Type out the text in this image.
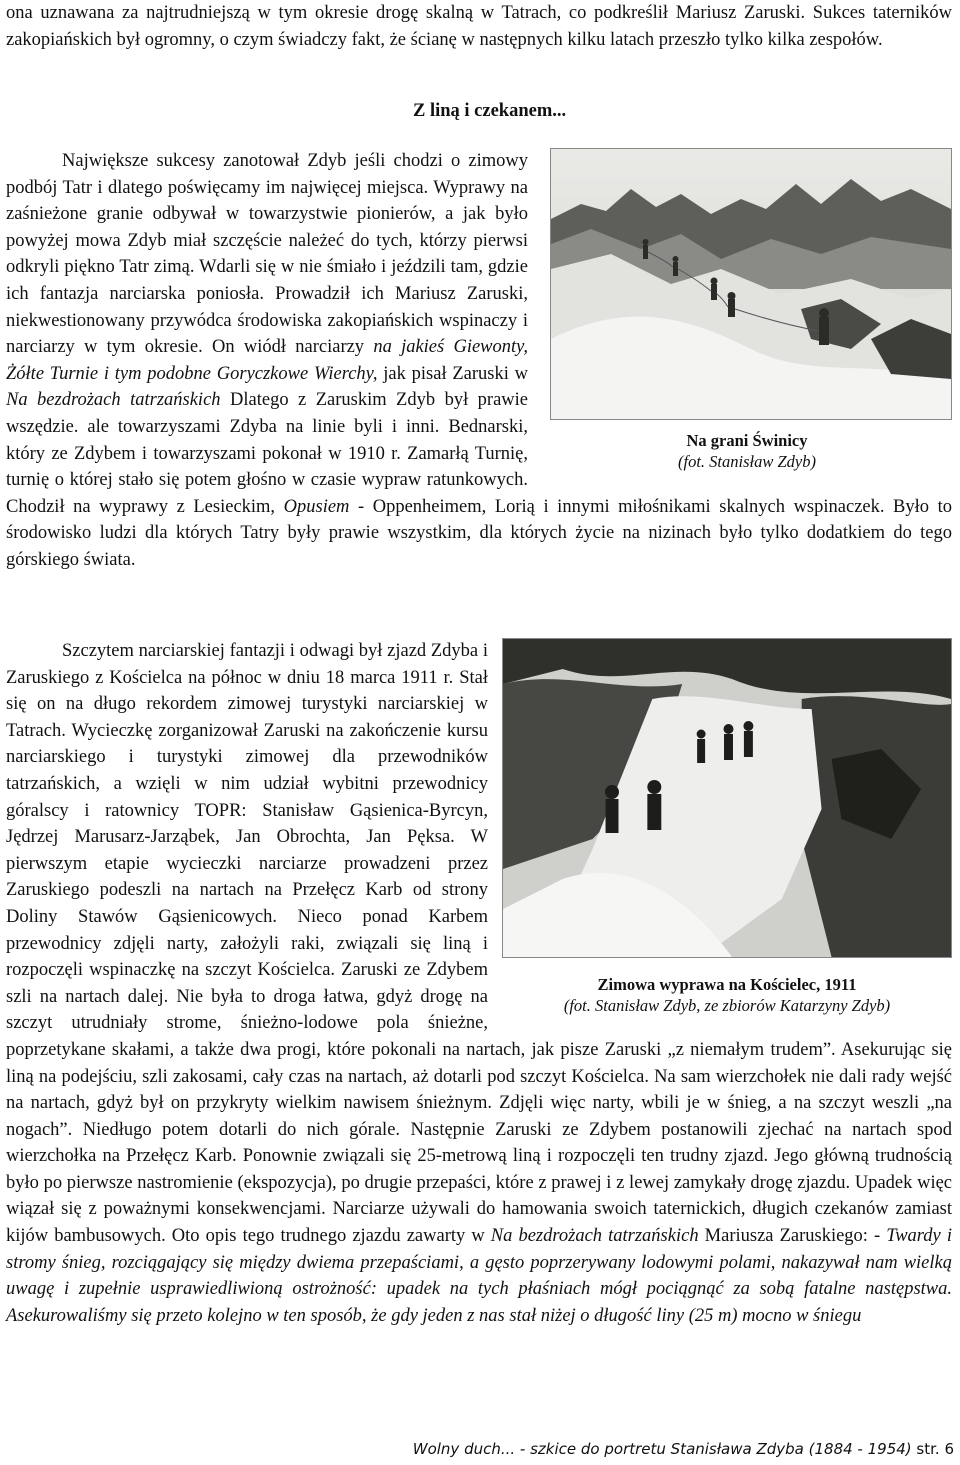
ona uznawana za najtrudniejszą w tym okresie drogę skalną w Tatrach, co podkreślił Mariusz Zaruski. Sukces taterników zakopiańskich był ogromny, o czym świadczy fakt, że ścianę w następnych kilku latach przeszło tylko kilka zespołów.

Z liną i czekanem...
Na grani Świnicy
(fot. Stanisław Zdyb)
Największe sukcesy zanotował Zdyb jeśli chodzi o zimowy podbój Tatr i dlatego poświęcamy im najwięcej miejsca. Wyprawy na zaśnieżone granie odbywał w towarzystwie pionierów, a jak było powyżej mowa Zdyb miał szczęście należeć do tych, którzy pierwsi odkryli piękno Tatr zimą. Wdarli się w nie śmiało i jeździli tam, gdzie ich fantazja narciarska poniosła. Prowadził ich Mariusz Zaruski, niekwestionowany przywódca środowiska zakopiańskich wspinaczy i narciarzy w tym okresie. On wiódł narciarzy na jakieś Giewonty, Żółte Turnie i tym podobne Goryczkowe Wierchy, jak pisał Zaruski w Na bezdrożach tatrzańskich Dlatego z Zaruskim Zdyb był prawie wszędzie. ale towarzyszami Zdyba na linie byli i inni. Bednarski, który ze Zdybem i towarzyszami pokonał w 1910 r. Zamarłą Turnię, turnię o której stało się potem głośno w czasie wypraw ratunkowych. Chodził na wyprawy z Lesieckim, Opusiem - Oppenheimem, Lorią i innymi miłośnikami skalnych wspinaczek. Było to środowisko ludzi dla których Tatry były prawie wszystkim, dla których życie na nizinach było tylko dodatkiem do tego górskiego świata.
Zimowa wyprawa na Kościelec, 1911
(fot. Stanisław Zdyb, ze zbiorów Katarzyny Zdyb)
Szczytem narciarskiej fantazji i odwagi był zjazd Zdyba i Zaruskiego z Kościelca na północ w dniu 18 marca 1911 r. Stał się on na długo rekordem zimowej turystyki narciarskiej w Tatrach. Wycieczkę zorganizował Zaruski na zakończenie kursu narciarskiego i turystyki zimowej dla przewodników tatrzańskich, a wzięli w nim udział wybitni przewodnicy góralscy i ratownicy TOPR: Stanisław Gąsienica-Byrcyn, Jędrzej Marusarz-Jarząbek, Jan Obrochta, Jan Pęksa. W pierwszym etapie wycieczki narciarze prowadzeni przez Zaruskiego podeszli na nartach na Przełęcz Karb od strony Doliny Stawów Gąsienicowych. Nieco ponad Karbem przewodnicy zdjęli narty, założyli raki, związali się liną i rozpoczęli wspinaczkę na szczyt Kościelca. Zaruski ze Zdybem szli na nartach dalej. Nie była to droga łatwa, gdyż drogę na szczyt utrudniały strome, śnieżno-lodowe pola śnieżne, poprzetykane skałami, a także dwa progi, które pokonali na nartach, jak pisze Zaruski „z niemałym trudem”. Asekurując się liną na podejściu, szli zakosami, cały czas na nartach, aż dotarli pod szczyt Kościelca. Na sam wierzchołek nie dali rady wejść na nartach, gdyż był on przykryty wielkim nawisem śnieżnym. Zdjęli więc narty, wbili je w śnieg, a na szczyt weszli „na nogach”. Niedługo potem dotarli do nich górale. Następnie Zaruski ze Zdybem postanowili zjechać na nartach spod wierzchołka na Przełęcz Karb. Ponownie związali się 25-metrową liną i rozpoczęli ten trudny zjazd. Jego główną trudnością było po pierwsze nastromienie (ekspozycja), po drugie przepaści, które z prawej i z lewej zamykały drogę zjazdu. Upadek więc wiązał się z poważnymi konsekwencjami. Narciarze używali do hamowania swoich taternickich, długich czekanów zamiast kijów bambusowych. Oto opis tego trudnego zjazdu zawarty w Na bezdrożach tatrzańskich Mariusza Zaruskiego: - Twardy i stromy śnieg, rozciągający się między dwiema przepaściami, a gęsto poprzerywany lodowymi polami, nakazywał nam wielką uwagę i zupełnie usprawiedliwioną ostrożność: upadek na tych płaśniach mógł pociągnąć za sobą fatalne następstwa. Asekurowaliśmy się przeto kolejno w ten sposób, że gdy jeden z nas stał niżej o długość liny (25 m) mocno w śniegu
Wolny duch... - szkice do portretu Stanisława Zdyba (1884 - 1954) str. 6
